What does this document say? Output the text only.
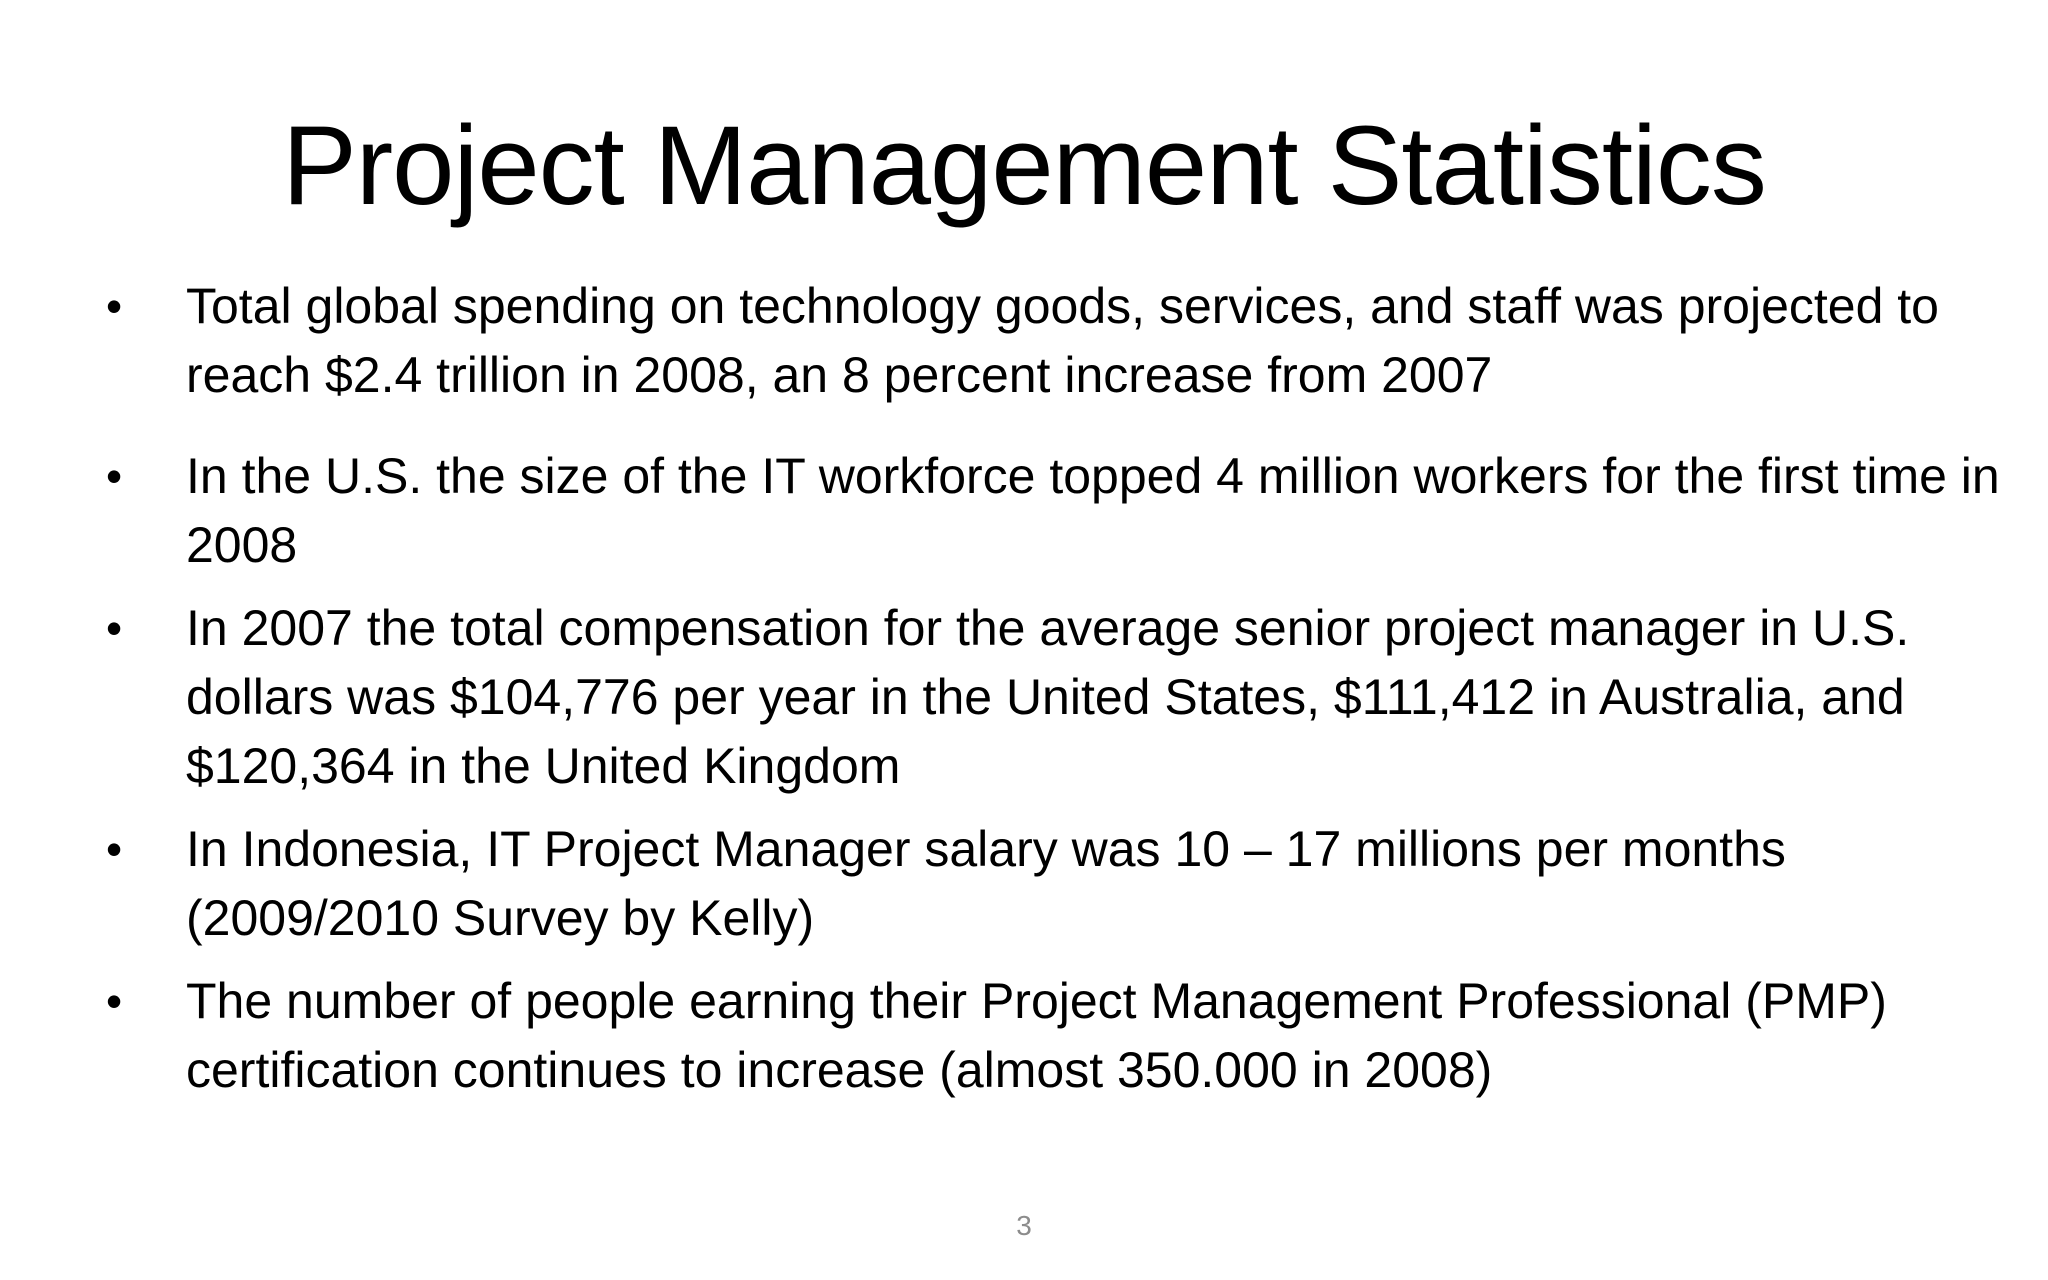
Project Management Statistics
•	Total global spending on technology goods, services, and staff was projected to reach $2.4 trillion in 2008, an 8 percent increase from 2007
•	In the U.S. the size of the IT workforce topped 4 million workers for the first time in 2008
•	In 2007 the total compensation for the average senior project manager in U.S. dollars was $104,776 per year in the United States, $111,412 in Australia, and $120,364 in the United Kingdom
•	In Indonesia, IT Project Manager salary was 10 – 17 millions per months (2009/2010 Survey by Kelly)
•	The number of people earning their Project Management Professional (PMP) certification continues to increase (almost 350.000 in 2008)
3
